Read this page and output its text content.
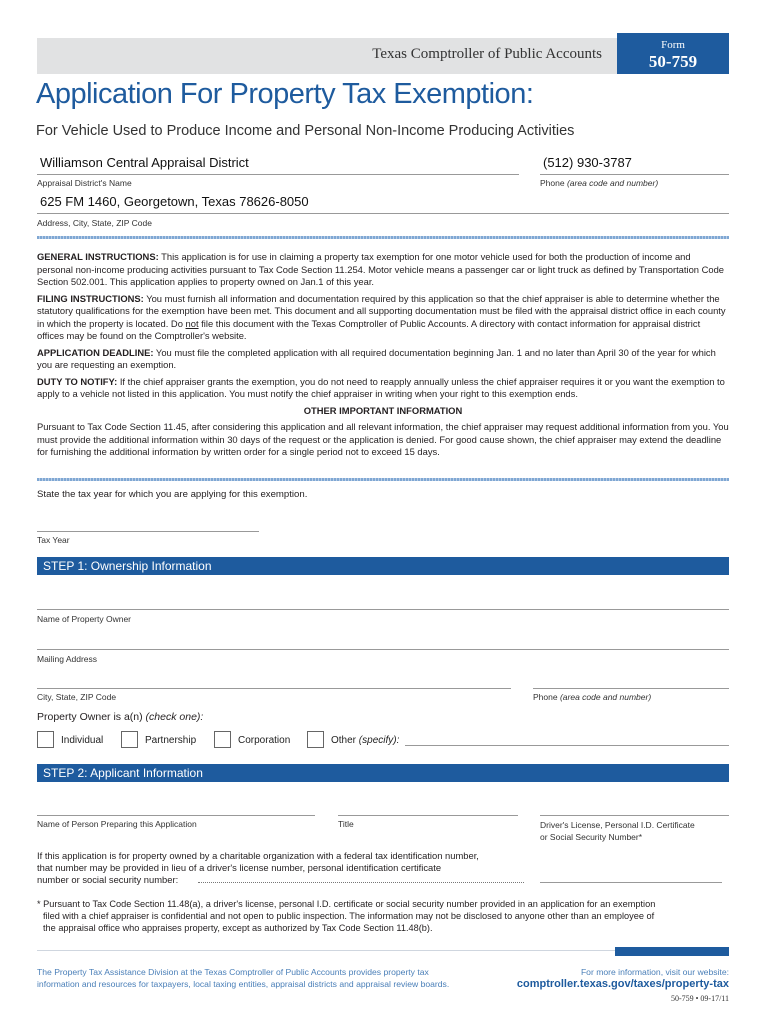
Texas Comptroller of Public Accounts
Form
50-759
Application For Property Tax Exemption:
For Vehicle Used to Produce Income and Personal Non-Income Producing Activities
Williamson Central Appraisal District
Appraisal District's Name
(512) 930-3787
Phone (area code and number)
625 FM 1460, Georgetown, Texas 78626-8050
Address, City, State, ZIP Code

GENERAL INSTRUCTIONS: This application is for use in claiming a property tax exemption for one motor vehicle used for both the production of income and personal non-income producing activities pursuant to Tax Code Section 11.254. Motor vehicle means a passenger car or light truck as defined by Transportation Code Section 502.001. This application applies to property owned on Jan.1 of this year.

FILING INSTRUCTIONS: You must furnish all information and documentation required by this application so that the chief appraiser is able to determine whether the statutory qualifications for the exemption have been met. This document and all supporting documentation must be filed with the appraisal district office in each county in which the property is located. Do not file this document with the Texas Comptroller of Public Accounts. A directory with contact information for appraisal district offices may be found on the Comptroller's website.

APPLICATION DEADLINE: You must file the completed application with all required documentation beginning Jan. 1 and no later than April 30 of the year for which you are requesting an exemption.

DUTY TO NOTIFY: If the chief appraiser grants the exemption, you do not need to reapply annually unless the chief appraiser requires it or you want the exemption to apply to a vehicle not listed in this application. You must notify the chief appraiser in writing when your right to this exemption ends.

OTHER IMPORTANT INFORMATION

Pursuant to Tax Code Section 11.45, after considering this application and all relevant information, the chief appraiser may request additional information from you. You must provide the additional information within 30 days of the request or the application is denied. For good cause shown, the chief appraiser may extend the deadline for furnishing the additional information by written order for a single period not to exceed 15 days.

State the tax year for which you are applying for this exemption.
Tax Year
STEP 1: Ownership Information
Name of Property Owner
Mailing Address
City, State, ZIP Code	Phone (area code and number)
Property Owner is a(n) (check one):
Individual	Partnership	Corporation	Other (specify):
STEP 2: Applicant Information
Name of Person Preparing this Application	Title	Driver's License, Personal I.D. Certificate
or Social Security Number*
If this application is for property owned by a charitable organization with a federal tax identification number,
that number may be provided in lieu of a driver's license number, personal identification certificate
number or social security number:
* Pursuant to Tax Code Section 11.48(a), a driver's license, personal I.D. certificate or social security number provided in an application for an exemption
filed with a chief appraiser is confidential and not open to public inspection. The information may not be disclosed to anyone other than an employee of
the appraisal office who appraises property, except as authorized by Tax Code Section 11.48(b).
The Property Tax Assistance Division at the Texas Comptroller of Public Accounts provides property tax
information and resources for taxpayers, local taxing entities, appraisal districts and appraisal review boards.
For more information, visit our website:
comptroller.texas.gov/taxes/property-tax
50-759 • 09-17/11
